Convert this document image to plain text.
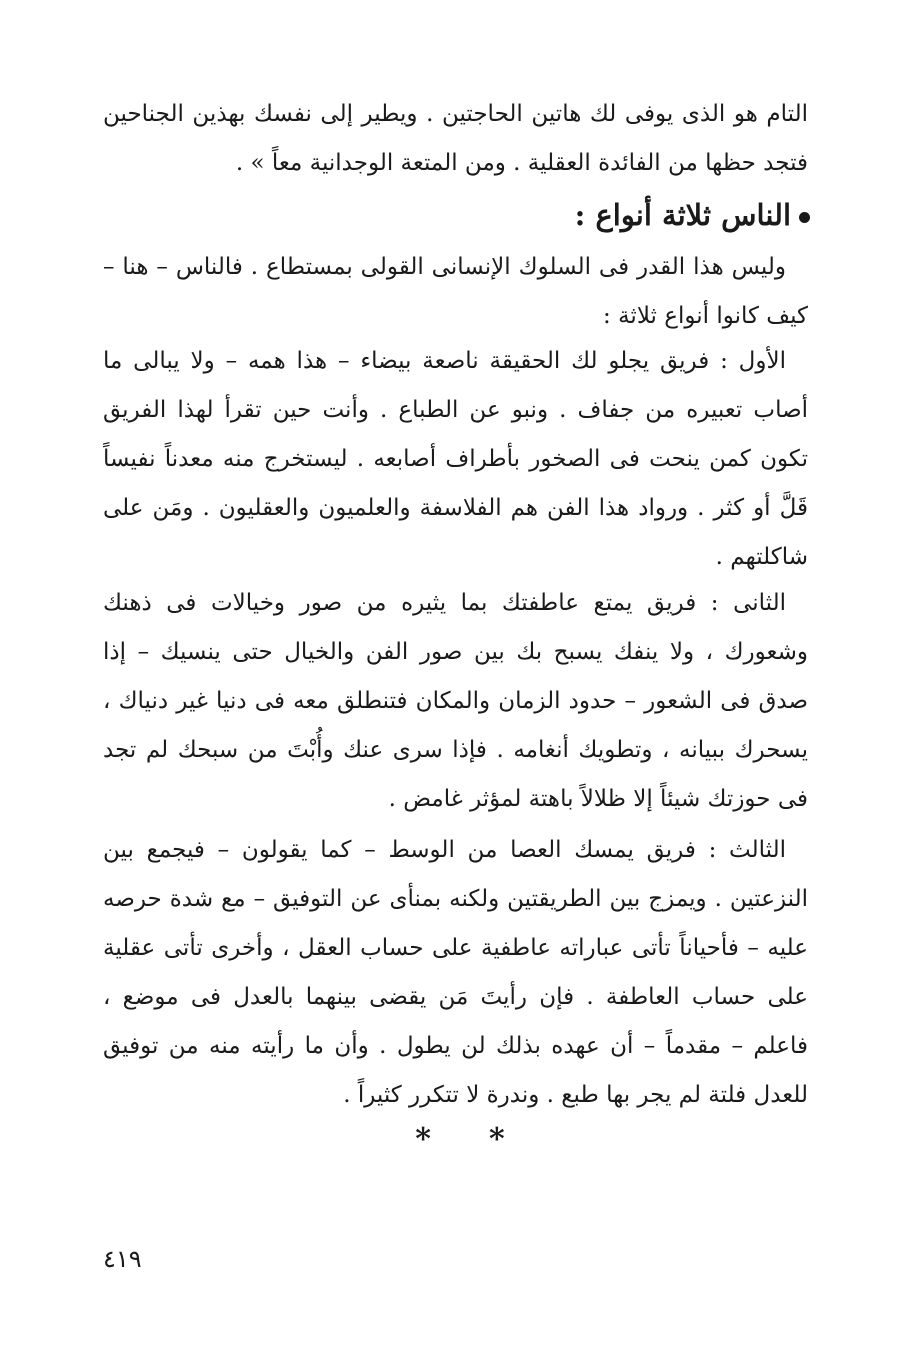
التام هو الذى يوفى لك هاتين الحاجتين . ويطير إلى نفسك بهذين الجناحين فتجد حظها من الفائدة العقلية . ومن المتعة الوجدانية معاً » .
الناس ثلاثة أنواع :

وليس هذا القدر فى السلوك الإنسانى القولى بمستطاع . فالناس – هنا – كيف كانوا أنواع ثلاثة :

الأول : فريق يجلو لك الحقيقة ناصعة بيضاء – هذا همه – ولا يبالى ما أصاب تعبيره من جفاف . ونبو عن الطباع . وأنت حين تقرأ لهذا الفريق تكون كمن ينحت فى الصخور بأطراف أصابعه . ليستخرج منه معدناً نفيساً قَلَّ أو كثر . ورواد هذا الفن هم الفلاسفة والعلميون والعقليون . ومَن على شاكلتهم .

الثانى : فريق يمتع عاطفتك بما يثيره من صور وخيالات فى ذهنك وشعورك ، ولا ينفك يسبح بك بين صور الفن والخيال حتى ينسيك – إذا صدق فى الشعور – حدود الزمان والمكان فتنطلق معه فى دنيا غير دنياك ، يسحرك ببيانه ، وتطويك أنغامه . فإذا سرى عنك وأُبْتَ من سبحك لم تجد فى حوزتك شيئاً إلا ظلالاً باهتة لمؤثر غامض .

الثالث : فريق يمسك العصا من الوسط – كما يقولون – فيجمع بين النزعتين . ويمزج بين الطريقتين ولكنه بمنأى عن التوفيق – مع شدة حرصه عليه – فأحياناً تأتى عباراته عاطفية على حساب العقل ، وأخرى تأتى عقلية على حساب العاطفة . فإن رأيتَ مَن يقضى بينهما بالعدل فى موضع ، فاعلم – مقدماً – أن عهده بذلك لن يطول . وأن ما رأيته منه من توفيق للعدل فلتة لم يجر بها طبع . وندرة لا تتكرر كثيراً .

* *
٤١٩
